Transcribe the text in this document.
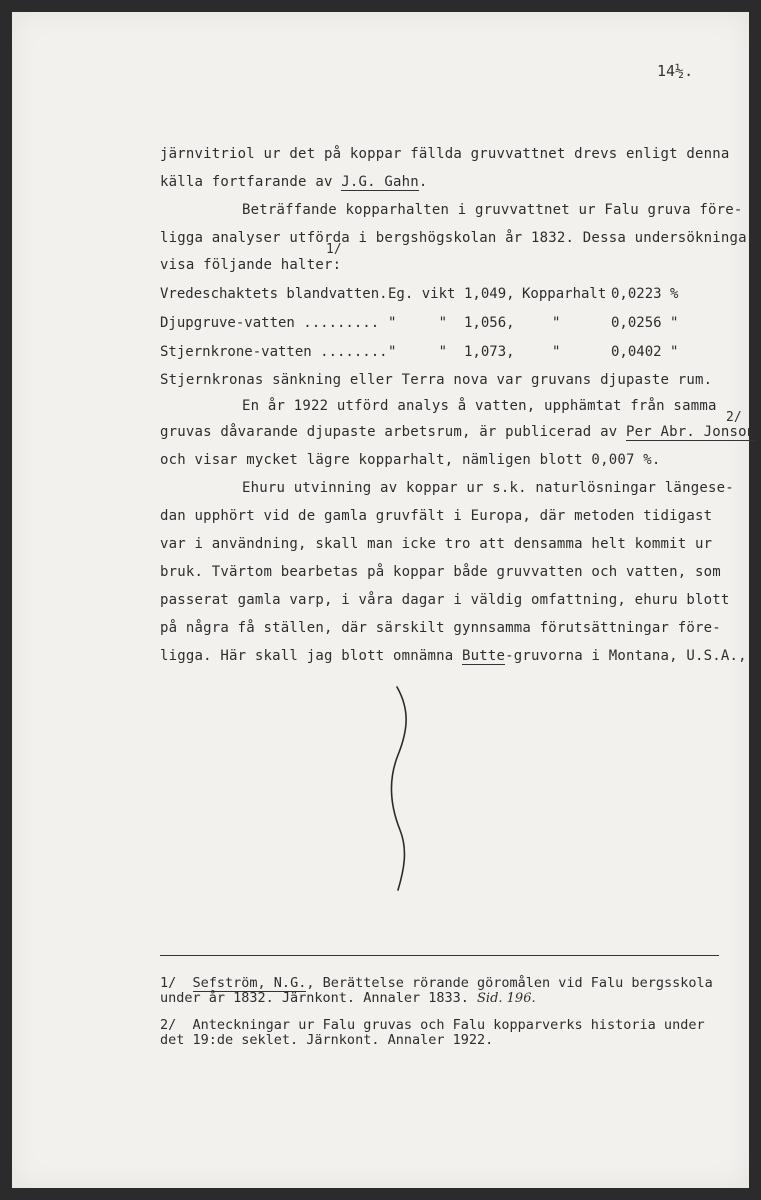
14½.
järnvitriol ur det på koppar fällda gruvvattnet drevs enligt denna
källa fortfarande av J.G. Gahn.
Beträffande kopparhalten i gruvvattnet ur Falu gruva före-
ligga analyser utförda i bergshögskolan år 1832. Dessa undersökningar
1/
visa följande halter:
Vredeschaktets blandvatten. Eg. vikt 1,049, Kopparhalt 0,0223 %
Djupgruve-vatten ......... "     " 1,056,	"	0,0256 "
Stjernkrone-vatten ........ "     " 1,073,	"	0,0402 "
Stjernkronas sänkning eller Terra nova var gruvans djupaste rum.
En år 1922 utförd analys å vatten, upphämtat från samma
2/
gruvas dåvarande djupaste arbetsrum, är publicerad av Per Abr. Jonson
och visar mycket lägre kopparhalt, nämligen blott 0,007 %.
Ehuru utvinning av koppar ur s.k. naturlösningar längese-
dan upphört vid de gamla gruvfält i Europa, där metoden tidigast
var i användning, skall man icke tro att densamma helt kommit ur
bruk. Tvärtom bearbetas på koppar både gruvvatten och vatten, som
passerat gamla varp, i våra dagar i väldig omfattning, ehuru blott
på några få ställen, där särskilt gynnsamma förutsättningar före-
ligga. Här skall jag blott omnämna Butte-gruvorna i Montana, U.S.A.,
1/ Sefström, N.G., Berättelse rörande göromålen vid Falu bergsskola
under år 1832. Järnkont. Annaler 1833. Sid. 196.
2/ Anteckningar ur Falu gruvas och Falu kopparverks historia under
det 19:de seklet. Järnkont. Annaler 1922.
